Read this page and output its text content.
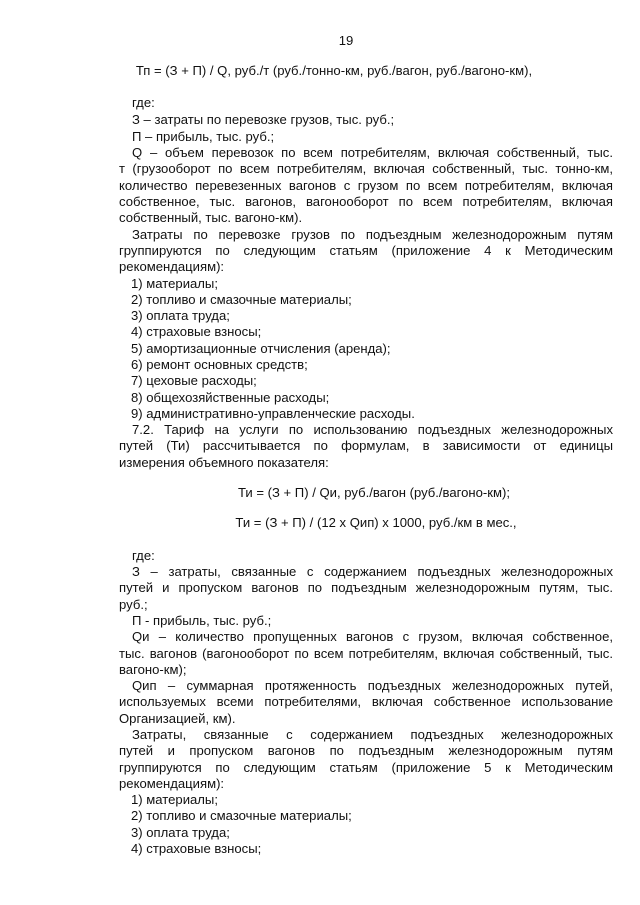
19
Тп = (З + П) / Q, руб./т (руб./тонно-км, руб./вагон, руб./вагоно-км),
где:
З – затраты по перевозке грузов, тыс. руб.;
П – прибыль, тыс. руб.;
Q – объем перевозок по всем потребителям, включая собственный, тыс.
т (грузооборот по всем потребителям, включая собственный, тыс. тонно-км,
количество перевезенных вагонов с грузом по всем потребителям, включая
собственное, тыс. вагонов, вагонооборот по всем потребителям, включая
собственный, тыс. вагоно-км).
Затраты по перевозке грузов по подъездным железнодорожным путям
группируются по следующим статьям (приложение 4 к Методическим
рекомендациям):
1) материалы;
2) топливо и смазочные материалы;
3) оплата труда;
4) страховые взносы;
5) амортизационные отчисления (аренда);
6) ремонт основных средств;
7) цеховые расходы;
8) общехозяйственные расходы;
9) административно-управленческие расходы.
7.2. Тариф на услуги по использованию подъездных железнодорожных
путей (Ти) рассчитывается по формулам, в зависимости от единицы
измерения объемного показателя:
Ти = (З + П) / Qи, руб./вагон (руб./вагоно-км);
Ти = (З + П) / (12 х Qип) х 1000, руб./км в мес.,
где:
З – затраты, связанные с содержанием подъездных железнодорожных
путей и пропуском вагонов по подъездным железнодорожным путям, тыс.
руб.;
П - прибыль, тыс. руб.;
Qи – количество пропущенных вагонов с грузом, включая собственное,
тыс. вагонов (вагонооборот по всем потребителям, включая собственный, тыс.
вагоно-км);
Qип – суммарная протяженность подъездных железнодорожных путей,
используемых всеми потребителями, включая собственное использование
Организацией, км).
Затраты, связанные с содержанием подъездных железнодорожных
путей и пропуском вагонов по подъездным железнодорожным путям
группируются по следующим статьям (приложение 5 к Методическим
рекомендациям):
1) материалы;
2) топливо и смазочные материалы;
3) оплата труда;
4) страховые взносы;
